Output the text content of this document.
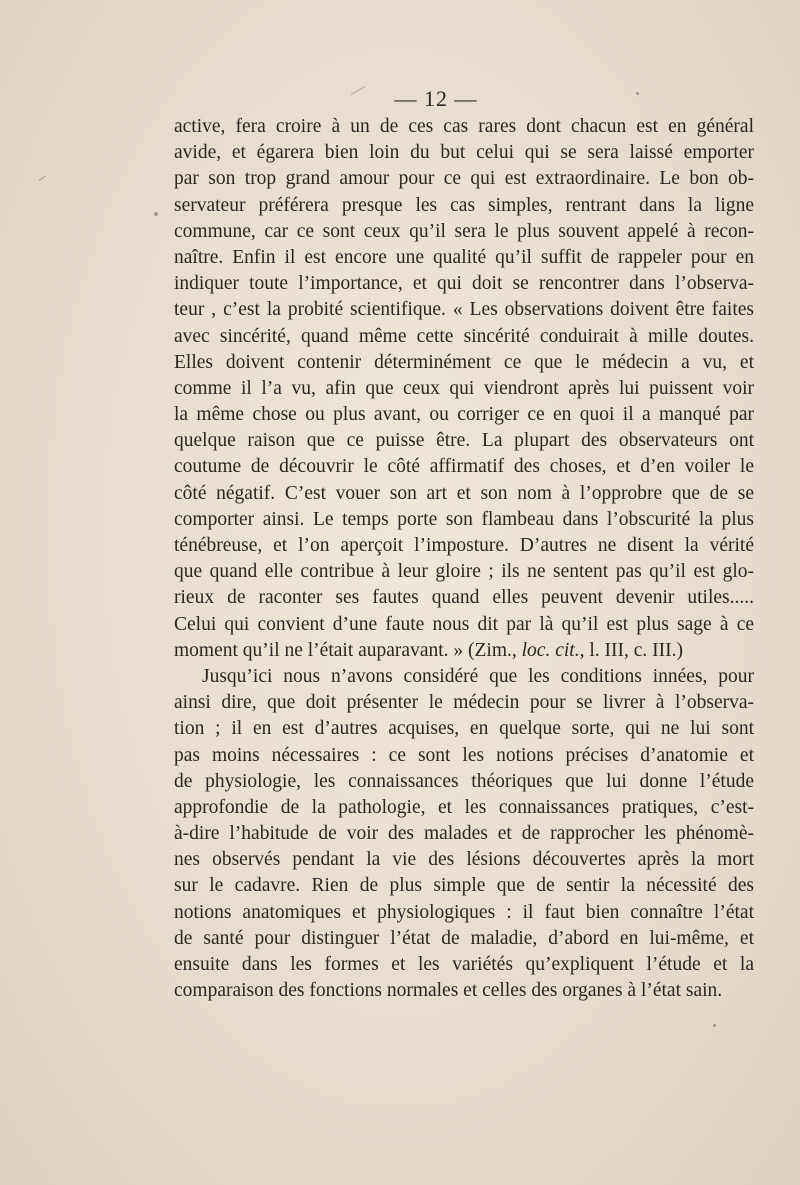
— 12 —
active, fera croire à un de ces cas rares dont chacun est en général
avide, et égarera bien loin du but celui qui se sera laissé emporter
par son trop grand amour pour ce qui est extraordinaire. Le bon ob-
servateur préférera presque les cas simples, rentrant dans la ligne
commune, car ce sont ceux qu’il sera le plus souvent appelé à recon-
naître. Enfin il est encore une qualité qu’il suffit de rappeler pour en
indiquer toute l’importance, et qui doit se rencontrer dans l’observa-
teur , c’est la probité scientifique. « Les observations doivent être faites
avec sincérité, quand même cette sincérité conduirait à mille doutes.
Elles doivent contenir déterminément ce que le médecin a vu, et
comme il l’a vu, afin que ceux qui viendront après lui puissent voir
la même chose ou plus avant, ou corriger ce en quoi il a manqué par
quelque raison que ce puisse être. La plupart des observateurs ont
coutume de découvrir le côté affirmatif des choses, et d’en voiler le
côté négatif. C’est vouer son art et son nom à l’opprobre que de se
comporter ainsi. Le temps porte son flambeau dans l’obscurité la plus
ténébreuse, et l’on aperçoit l’imposture. D’autres ne disent la vérité
que quand elle contribue à leur gloire ; ils ne sentent pas qu’il est glo-
rieux de raconter ses fautes quand elles peuvent devenir utiles.....
Celui qui convient d’une faute nous dit par là qu’il est plus sage à ce
moment qu’il ne l’était auparavant. » (Zim., loc. cit., l. III, c. III.)
Jusqu’ici nous n’avons considéré que les conditions innées, pour
ainsi dire, que doit présenter le médecin pour se livrer à l’observa-
tion ; il en est d’autres acquises, en quelque sorte, qui ne lui sont
pas moins nécessaires : ce sont les notions précises d’anatomie et
de physiologie, les connaissances théoriques que lui donne l’étude
approfondie de la pathologie, et les connaissances pratiques, c’est-
à-dire l’habitude de voir des malades et de rapprocher les phénomè-
nes observés pendant la vie des lésions découvertes après la mort
sur le cadavre. Rien de plus simple que de sentir la nécessité des
notions anatomiques et physiologiques : il faut bien connaître l’état
de santé pour distinguer l’état de maladie, d’abord en lui-même, et
ensuite dans les formes et les variétés qu’expliquent l’étude et la
comparaison des fonctions normales et celles des organes à l’état sain.
